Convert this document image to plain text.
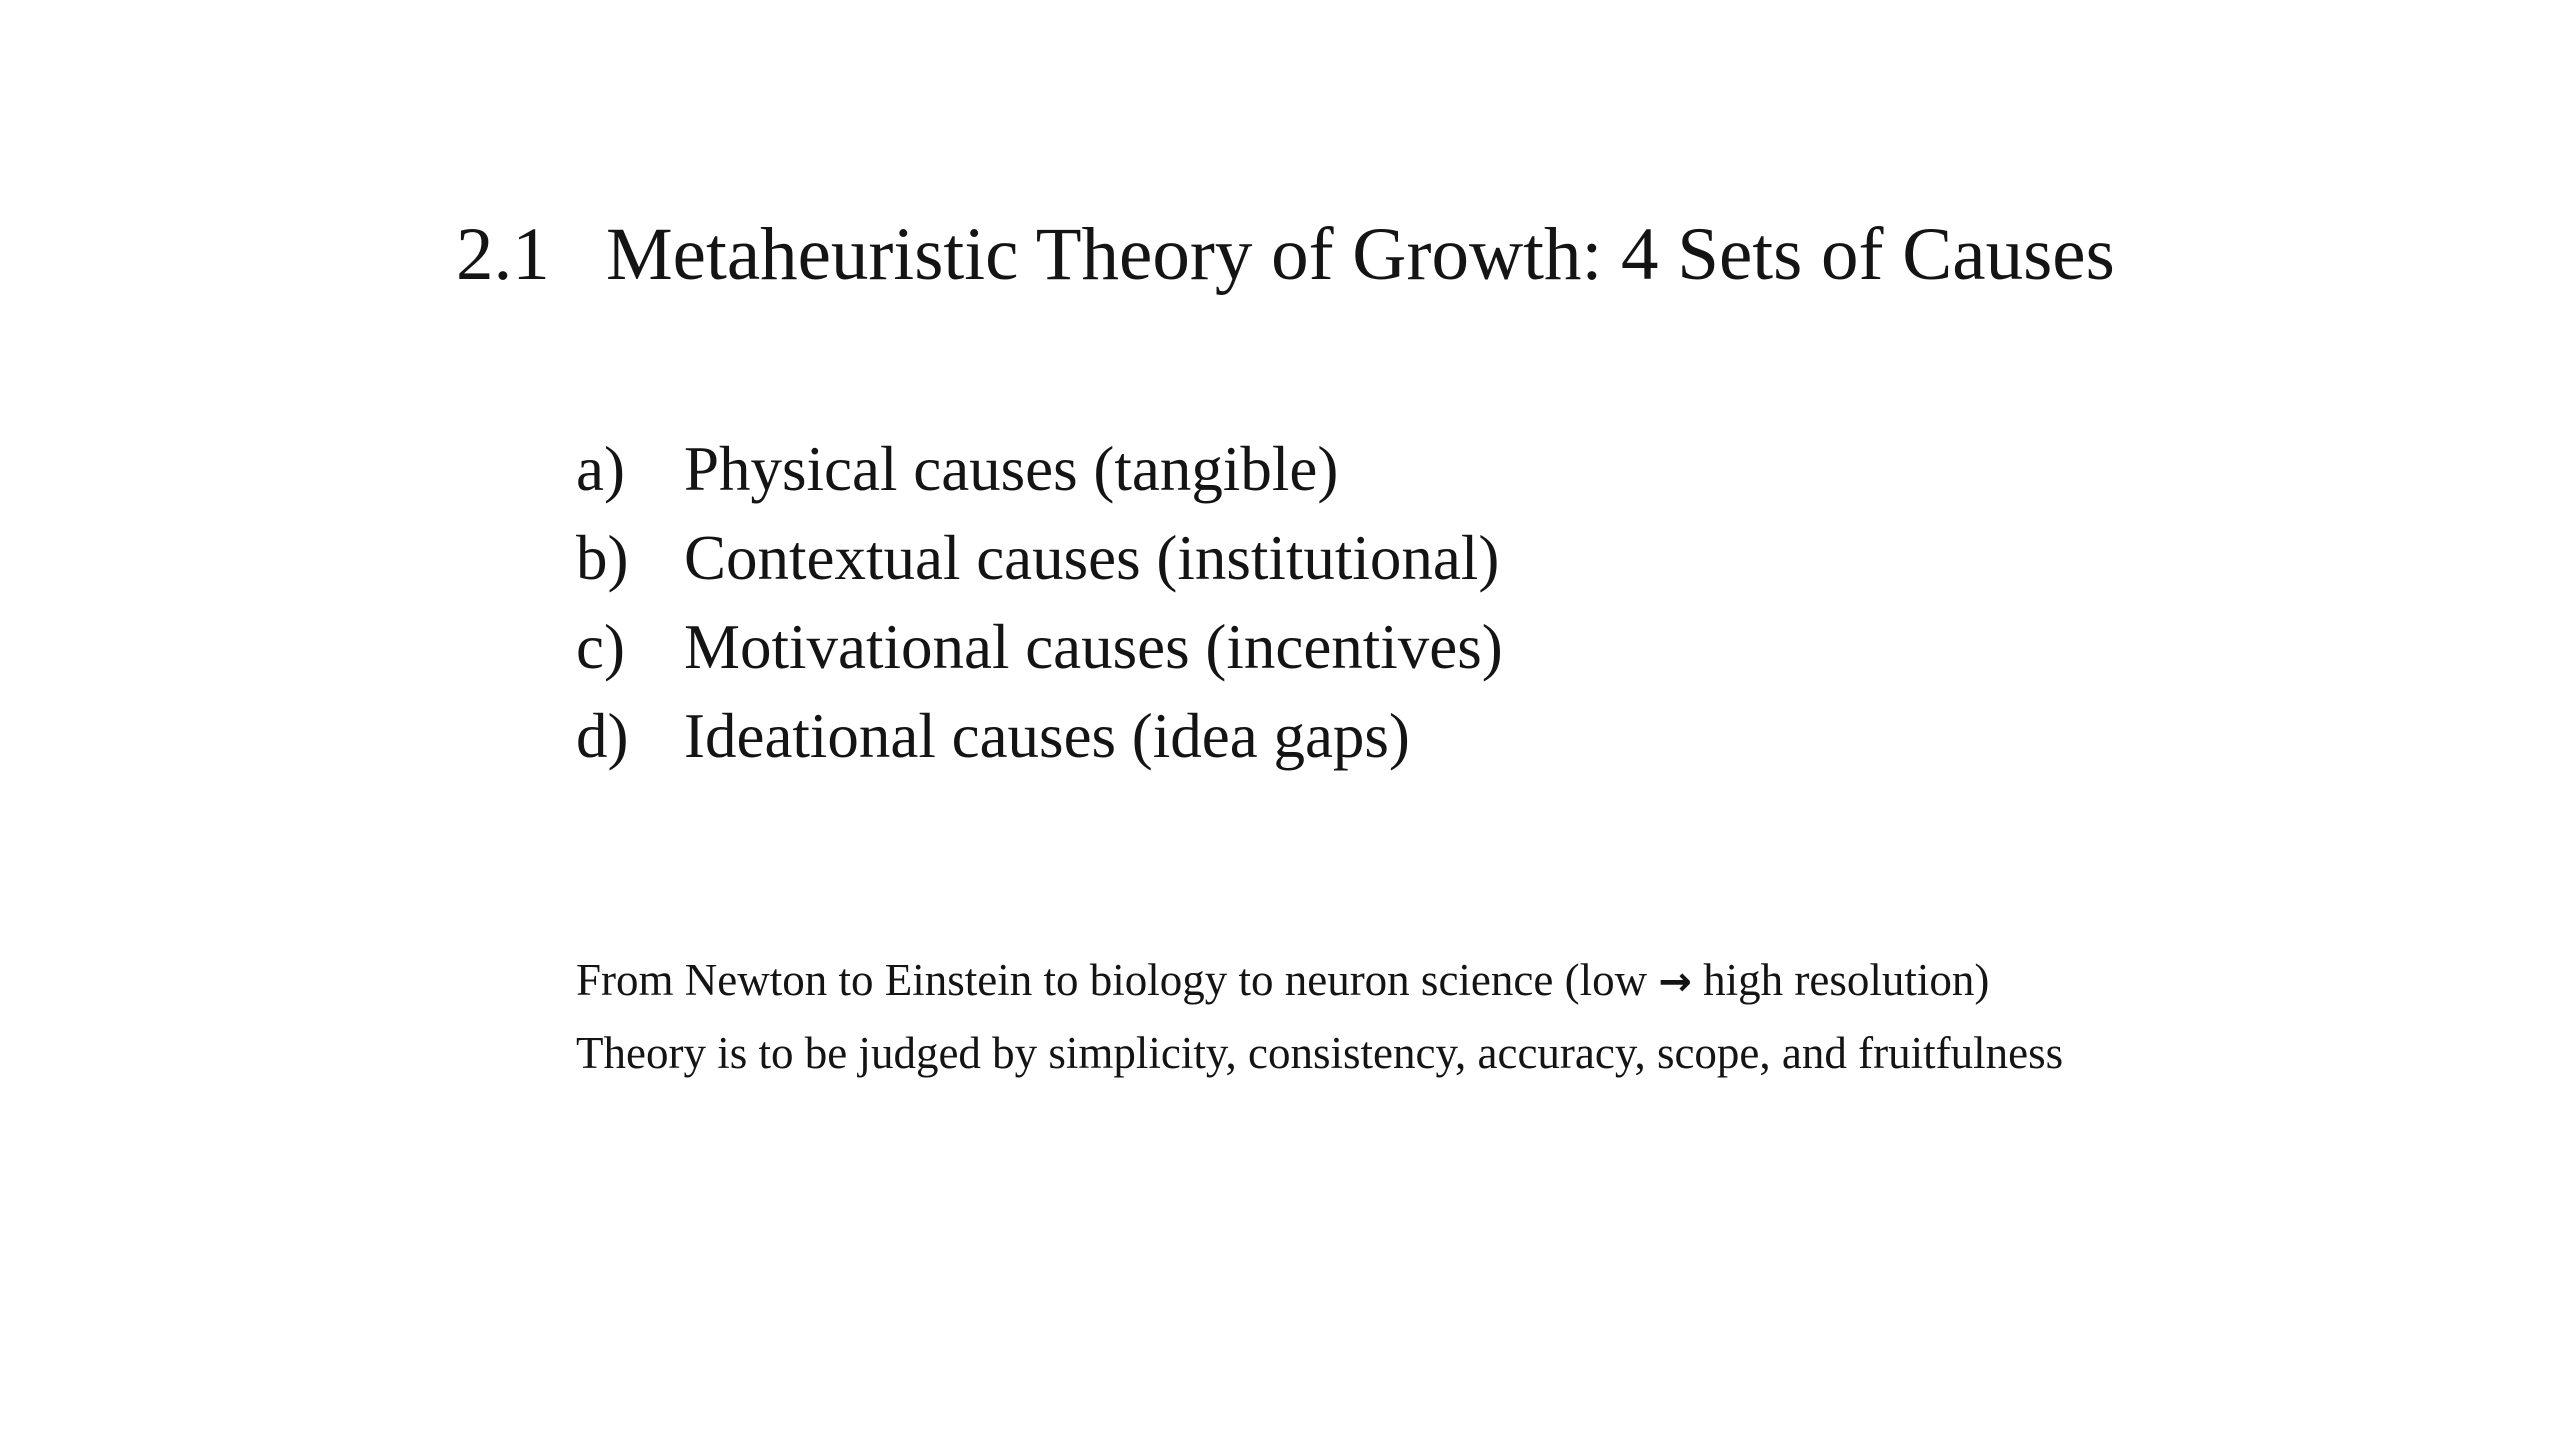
2.1 Metaheuristic Theory of Growth: 4 Sets of Causes
a) Physical causes (tangible)
b) Contextual causes (institutional)
c) Motivational causes (incentives)
d) Ideational causes (idea gaps)

From Newton to Einstein to biology to neuron science (low → high resolution)

Theory is to be judged by simplicity, consistency, accuracy, scope, and fruitfulness
